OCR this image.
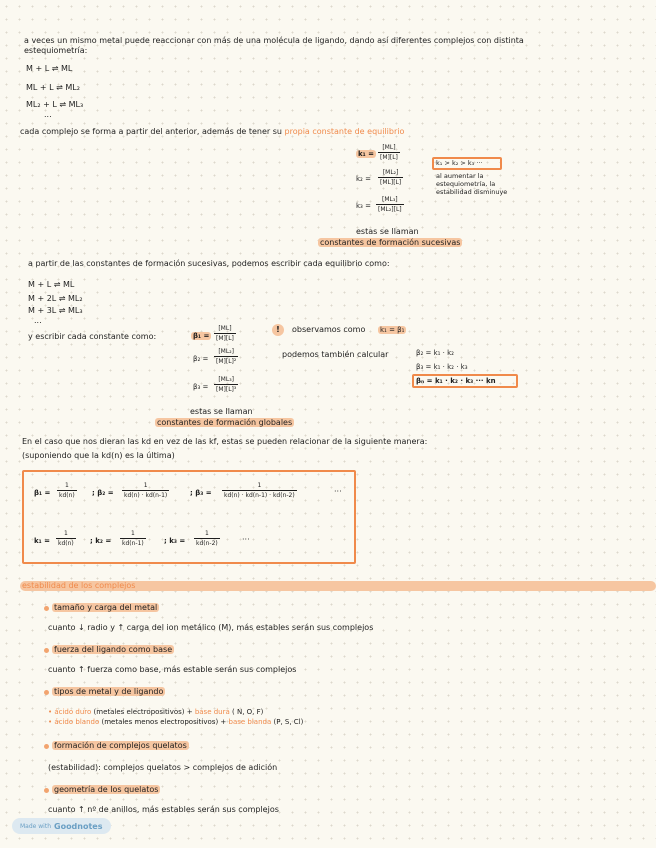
a veces un mismo metal puede reaccionar con más de una molécula de ligando, dando así diferentes complejos con distinta
estequiometría:
M + L ⇌ ML
ML + L ⇌ ML₂
ML₂ + L ⇌ ML₃
...
cada complejo se forma a partir del anterior, además de tener su propia constante de equilibrio
$k_1 = \frac{[ML]}{[M][L]}$
$k_2 = \frac{\text{[ML₂]}}{[ML][L]}$
$k_3 = \frac{\text{[ML₃]}}{\text{[ML₂][L]}}$
k₁ > k₂ > k₃ ···
al aumentar la
estequiometría, la
estabilidad disminuye
estas se llaman
constantes de formación sucesivas
a partir de las constantes de formación sucesivas, podemos escribir cada equilibrio como:
M + L ⇌ ML
M + 2L ⇌ ML₂
M + 3L ⇌ ML₃
...
y escribir cada constante como:	$\beta_1 = \frac{[ML]}{[M][L]}$
$\beta_2 = \frac{\text{[ML₂]}}{\text{[M][L]²}}$
$\beta_3 = \frac{\text{[ML₃]}}{\text{[M][L]³}}$
!	observamos como k₁ = β₁
podemos también calcular	β₂ = k₁ · k₂
β₃ = k₁ · k₂ · k₃
βₙ = k₁ · k₂ · k₃ ··· kn
estas se llaman
constantes de formación globales
En el caso que nos dieran las kd en vez de las kf, estas se pueden relacionar de la siguiente manera:
(suponiendo que la kd(n) es la última)
$\beta_1 = \frac{1}{kd(n)}$ ; $\beta_2 = \frac{1}{kd(n) \cdot kd(n-1)}$	; $\beta_3 = \frac{1}{kd(n) \cdot kd(n-1) \cdot kd(n-2)}$	···
$k_1 = \frac{1}{kd(n)}$ ; $k_2 = \frac{1}{kd(n-1)}$	; $k_3 = \frac{1}{kd(n-2)}$	···
estabilidad de los complejos
tamaño y carga del metal
cuanto ↓ radio y ↑ carga del ion metálico (M), más estables serán sus complejos
fuerza del ligando como base
cuanto ↑ fuerza como base, más estable serán sus complejos
tipos de metal y de ligando
• ácido duro (metales electropositivos) + base dura ( N, O, F)
• ácido blando (metales menos electropositivos) + base blanda (P, S, Cl)
formación de complejos quelatos
(estabilidad): complejos quelatos > complejos de adición
geometría de los quelatos
cuanto ↑ nº de anillos, más estables serán sus complejos
Made with Goodnotes
